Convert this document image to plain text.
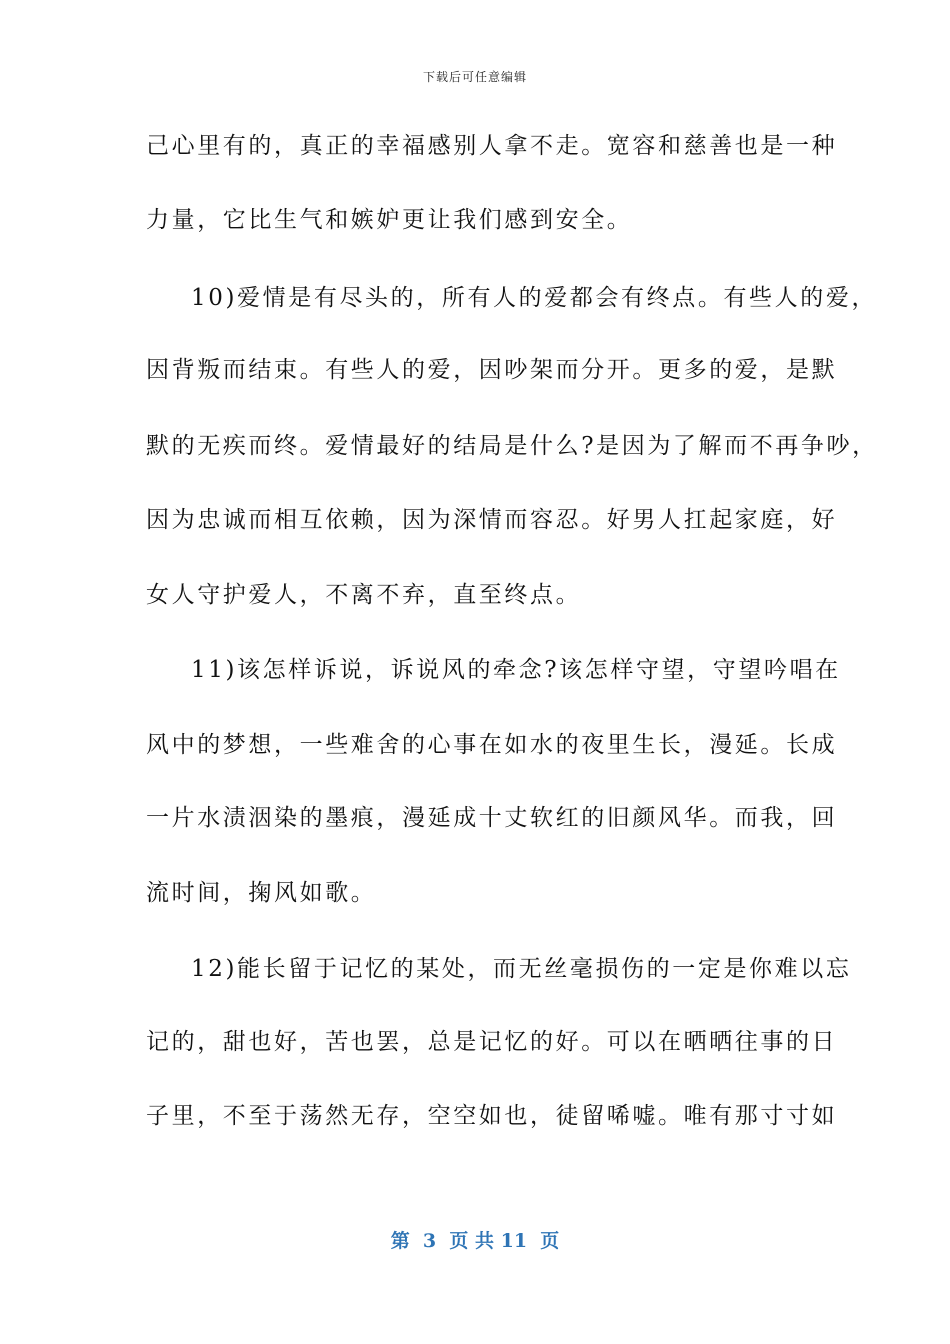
下载后可任意编辑
己心里有的，真正的幸福感别人拿不走。宽容和慈善也是一种
力量，它比生气和嫉妒更让我们感到安全。
10)爱情是有尽头的，所有人的爱都会有终点。有些人的爱，
因背叛而结束。有些人的爱，因吵架而分开。更多的爱，是默
默的无疾而终。爱情最好的结局是什么?是因为了解而不再争吵，
因为忠诚而相互依赖，因为深情而容忍。好男人扛起家庭，好
女人守护爱人，不离不弃，直至终点。
11)该怎样诉说，诉说风的牵念?该怎样守望，守望吟唱在
风中的梦想，一些难舍的心事在如水的夜里生长，漫延。长成
一片水渍洇染的墨痕，漫延成十丈软红的旧颜风华。而我，回
流时间，掬风如歌。
12)能长留于记忆的某处，而无丝毫损伤的一定是你难以忘
记的，甜也好，苦也罢，总是记忆的好。可以在晒晒往事的日
子里，不至于荡然无存，空空如也，徒留唏嘘。唯有那寸寸如
第  3  页 共 11  页
